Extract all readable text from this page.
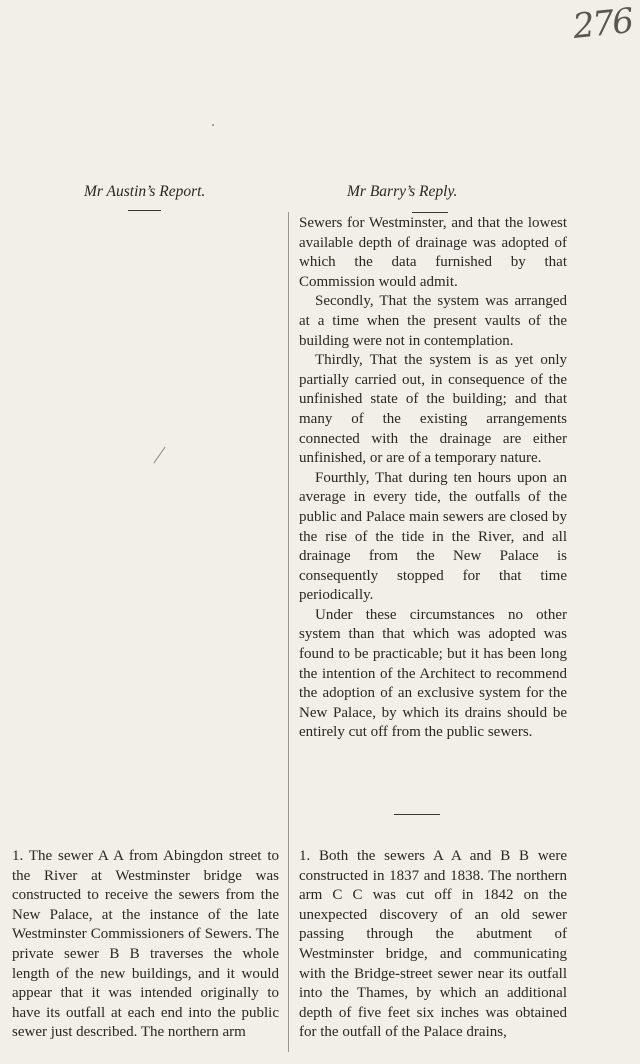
276
Mr Austin’s Report.	Mr Barry’s Reply.

Sewers for Westminster, and that the lowest available depth of drainage was adopted of which the data furnished by that Commission would admit.

Secondly, That the system was arranged at a time when the present vaults of the building were not in contemplation.

Thirdly, That the system is as yet only partially carried out, in consequence of the unfinished state of the building; and that many of the existing arrangements connected with the drainage are either unfinished, or are of a temporary nature.

Fourthly, That during ten hours upon an average in every tide, the outfalls of the public and Palace main sewers are closed by the rise of the tide in the River, and all drainage from the New Palace is consequently stopped for that time periodically.

Under these circumstances no other system than that which was adopted was found to be practicable; but it has been long the intention of the Architect to recommend the adoption of an exclusive system for the New Palace, by which its drains should be entirely cut off from the public sewers.

1. The sewer A A from Abingdon street to the River at Westminster bridge was constructed to receive the sewers from the New Palace, at the instance of the late Westminster Commissioners of Sewers. The private sewer B B traverses the whole length of the new buildings, and it would appear that it was intended originally to have its outfall at each end into the public sewer just described. The northern arm

1. Both the sewers A A and B B were constructed in 1837 and 1838. The northern arm C C was cut off in 1842 on the unexpected discovery of an old sewer passing through the abutment of Westminster bridge, and communicating with the Bridge-street sewer near its outfall into the Thames, by which an additional depth of five feet six inches was obtained for the outfall of the Palace drains,
